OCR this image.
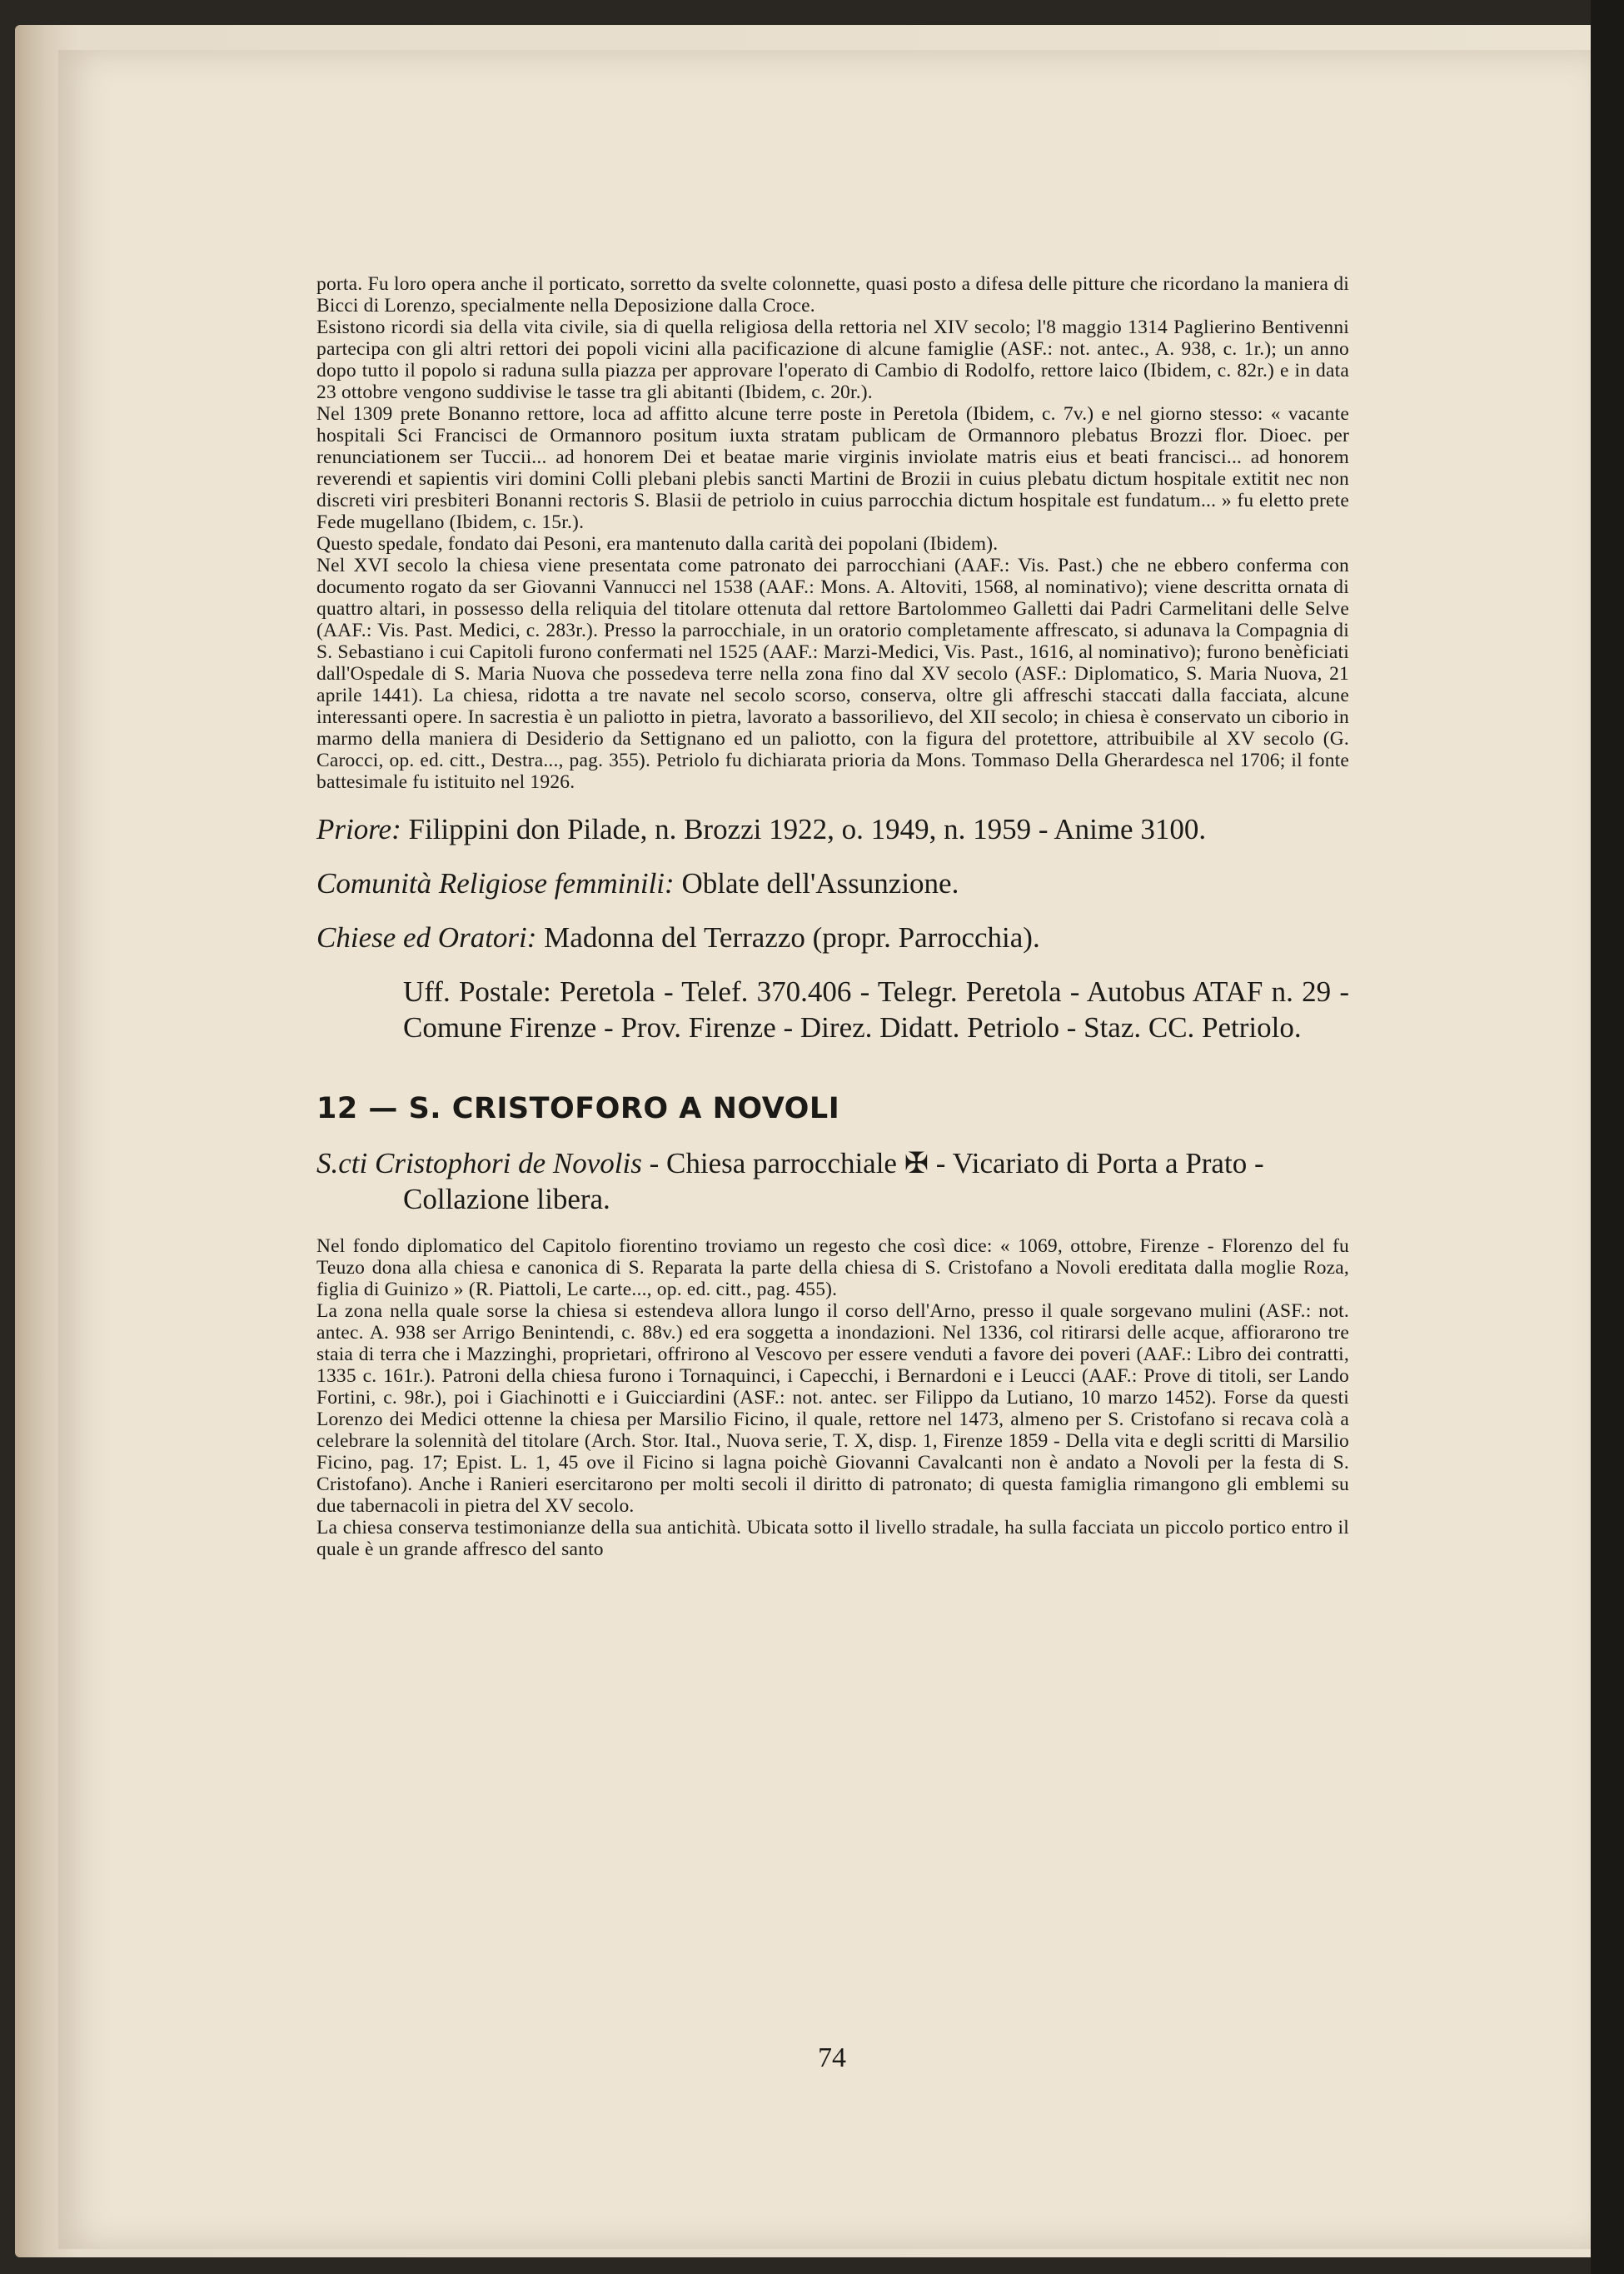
porta. Fu loro opera anche il porticato, sorretto da svelte colonnette, quasi posto a difesa delle pitture che ricordano la maniera di Bicci di Lorenzo, specialmente nella Deposizione dalla Croce.

Esistono ricordi sia della vita civile, sia di quella religiosa della rettoria nel XIV secolo; l'8 maggio 1314 Paglierino Bentivenni partecipa con gli altri rettori dei popoli vicini alla pacificazione di alcune famiglie (ASF.: not. antec., A. 938, c. 1r.); un anno dopo tutto il popolo si raduna sulla piazza per approvare l'operato di Cambio di Rodolfo, rettore laico (Ibidem, c. 82r.) e in data 23 ottobre vengono suddivise le tasse tra gli abitanti (Ibidem, c. 20r.).

Nel 1309 prete Bonanno rettore, loca ad affitto alcune terre poste in Peretola (Ibidem, c. 7v.) e nel giorno stesso: « vacante hospitali Sci Francisci de Ormannoro positum iuxta stratam publicam de Ormannoro plebatus Brozzi flor. Dioec. per renunciationem ser Tuccii... ad honorem Dei et beatae marie virginis inviolate matris eius et beati francisci... ad honorem reverendi et sapientis viri domini Colli plebani plebis sancti Martini de Brozii in cuius plebatu dictum hospitale extitit nec non discreti viri presbiteri Bonanni rectoris S. Blasii de petriolo in cuius parrocchia dictum hospitale est fundatum... » fu eletto prete Fede mugellano (Ibidem, c. 15r.).

Questo spedale, fondato dai Pesoni, era mantenuto dalla carità dei popolani (Ibidem).

Nel XVI secolo la chiesa viene presentata come patronato dei parrocchiani (AAF.: Vis. Past.) che ne ebbero conferma con documento rogato da ser Giovanni Vannucci nel 1538 (AAF.: Mons. A. Altoviti, 1568, al nominativo); viene descritta ornata di quattro altari, in possesso della reliquia del titolare ottenuta dal rettore Bartolommeo Galletti dai Padri Carmelitani delle Selve (AAF.: Vis. Past. Medici, c. 283r.). Presso la parrocchiale, in un oratorio completamente affrescato, si adunava la Compagnia di S. Sebastiano i cui Capitoli furono confermati nel 1525 (AAF.: Marzi-Medici, Vis. Past., 1616, al nominativo); furono benèficiati dall'Ospedale di S. Maria Nuova che possedeva terre nella zona fino dal XV secolo (ASF.: Diplomatico, S. Maria Nuova, 21 aprile 1441). La chiesa, ridotta a tre navate nel secolo scorso, conserva, oltre gli affreschi staccati dalla facciata, alcune interessanti opere. In sacrestia è un paliotto in pietra, lavorato a bassorilievo, del XII secolo; in chiesa è conservato un ciborio in marmo della maniera di Desiderio da Settignano ed un paliotto, con la figura del protettore, attribuibile al XV secolo (G. Carocci, op. ed. citt., Destra..., pag. 355). Petriolo fu dichiarata prioria da Mons. Tommaso Della Gherardesca nel 1706; il fonte battesimale fu istituito nel 1926.

Priore: Filippini don Pilade, n. Brozzi 1922, o. 1949, n. 1959 - Anime 3100.

Comunità Religiose femminili: Oblate dell'Assunzione.

Chiese ed Oratori: Madonna del Terrazzo (propr. Parrocchia).

Uff. Postale: Peretola - Telef. 370.406 - Telegr. Peretola - Autobus ATAF n. 29 - Comune Firenze - Prov. Firenze - Direz. Didatt. Petriolo - Staz. CC. Petriolo.

12 — S. CRISTOFORO A NOVOLI

S.cti Cristophori de Novolis - Chiesa parrocchiale ✠ - Vicariato di Porta a Prato - Collazione libera.

Nel fondo diplomatico del Capitolo fiorentino troviamo un regesto che così dice: « 1069, ottobre, Firenze - Florenzo del fu Teuzo dona alla chiesa e canonica di S. Reparata la parte della chiesa di S. Cristofano a Novoli ereditata dalla moglie Roza, figlia di Guinizo » (R. Piattoli, Le carte..., op. ed. citt., pag. 455).

La zona nella quale sorse la chiesa si estendeva allora lungo il corso dell'Arno, presso il quale sorgevano mulini (ASF.: not. antec. A. 938 ser Arrigo Benintendi, c. 88v.) ed era soggetta a inondazioni. Nel 1336, col ritirarsi delle acque, affiorarono tre staia di terra che i Mazzinghi, proprietari, offrirono al Vescovo per essere venduti a favore dei poveri (AAF.: Libro dei contratti, 1335 c. 161r.). Patroni della chiesa furono i Tornaquinci, i Capecchi, i Bernardoni e i Leucci (AAF.: Prove di titoli, ser Lando Fortini, c. 98r.), poi i Giachinotti e i Guicciardini (ASF.: not. antec. ser Filippo da Lutiano, 10 marzo 1452). Forse da questi Lorenzo dei Medici ottenne la chiesa per Marsilio Ficino, il quale, rettore nel 1473, almeno per S. Cristofano si recava colà a celebrare la solennità del titolare (Arch. Stor. Ital., Nuova serie, T. X, disp. 1, Firenze 1859 - Della vita e degli scritti di Marsilio Ficino, pag. 17; Epist. L. 1, 45 ove il Ficino si lagna poichè Giovanni Cavalcanti non è andato a Novoli per la festa di S. Cristofano). Anche i Ranieri esercitarono per molti secoli il diritto di patronato; di questa famiglia rimangono gli emblemi su due tabernacoli in pietra del XV secolo.

La chiesa conserva testimonianze della sua antichità. Ubicata sotto il livello stradale, ha sulla facciata un piccolo portico entro il quale è un grande affresco del santo

74
